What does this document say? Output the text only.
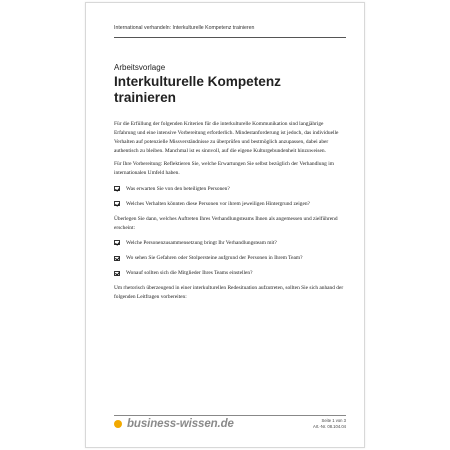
International verhandeln: Interkulturelle Kompetenz trainieren
Arbeitsvorlage
Interkulturelle Kompetenz trainieren

Für die Erfüllung der folgenden Kriterien für die interkulturelle Kommunikation sind langjährige Erfahrung und eine intensive Vorbereitung erforderlich. Mindestanforderung ist jedoch, das individuelle Verhalten auf potenzielle Missverständnisse zu überprüfen und bestmöglich anzupassen, dabei aber authentisch zu bleiben. Manchmal ist es sinnvoll, auf die eigene Kulturgebundenheit hinzuweisen.

Für Ihre Vorbereitung: Reflektieren Sie, welche Erwartungen Sie selbst bezüglich der Verhandlung im internationalen Umfeld haben.

Was erwarten Sie von den beteiligten Personen?
Welches Verhalten könnten diese Personen vor ihrem jeweiligen Hintergrund zeigen?

Überlegen Sie dann, welches Auftreten Ihres Verhandlungsteams Ihnen als angemessen und zielführend erscheint:

Welche Personenzusammensetzung bringt Ihr Verhandlungsteam mit?
Wo sehen Sie Gefahren oder Stolpersteine aufgrund der Personen in Ihrem Team?
Wonauf sollten sich die Mitglieder Ihres Teams einstellen?

Um rhetorisch überzeugend in einer interkulturellen Redesituation aufzutreten, sollten Sie sich anhand der folgenden Leitfragen vorbereiten:

business-wissen.de	Seite 1 von 3
Art.-Nr. 08.104.04
